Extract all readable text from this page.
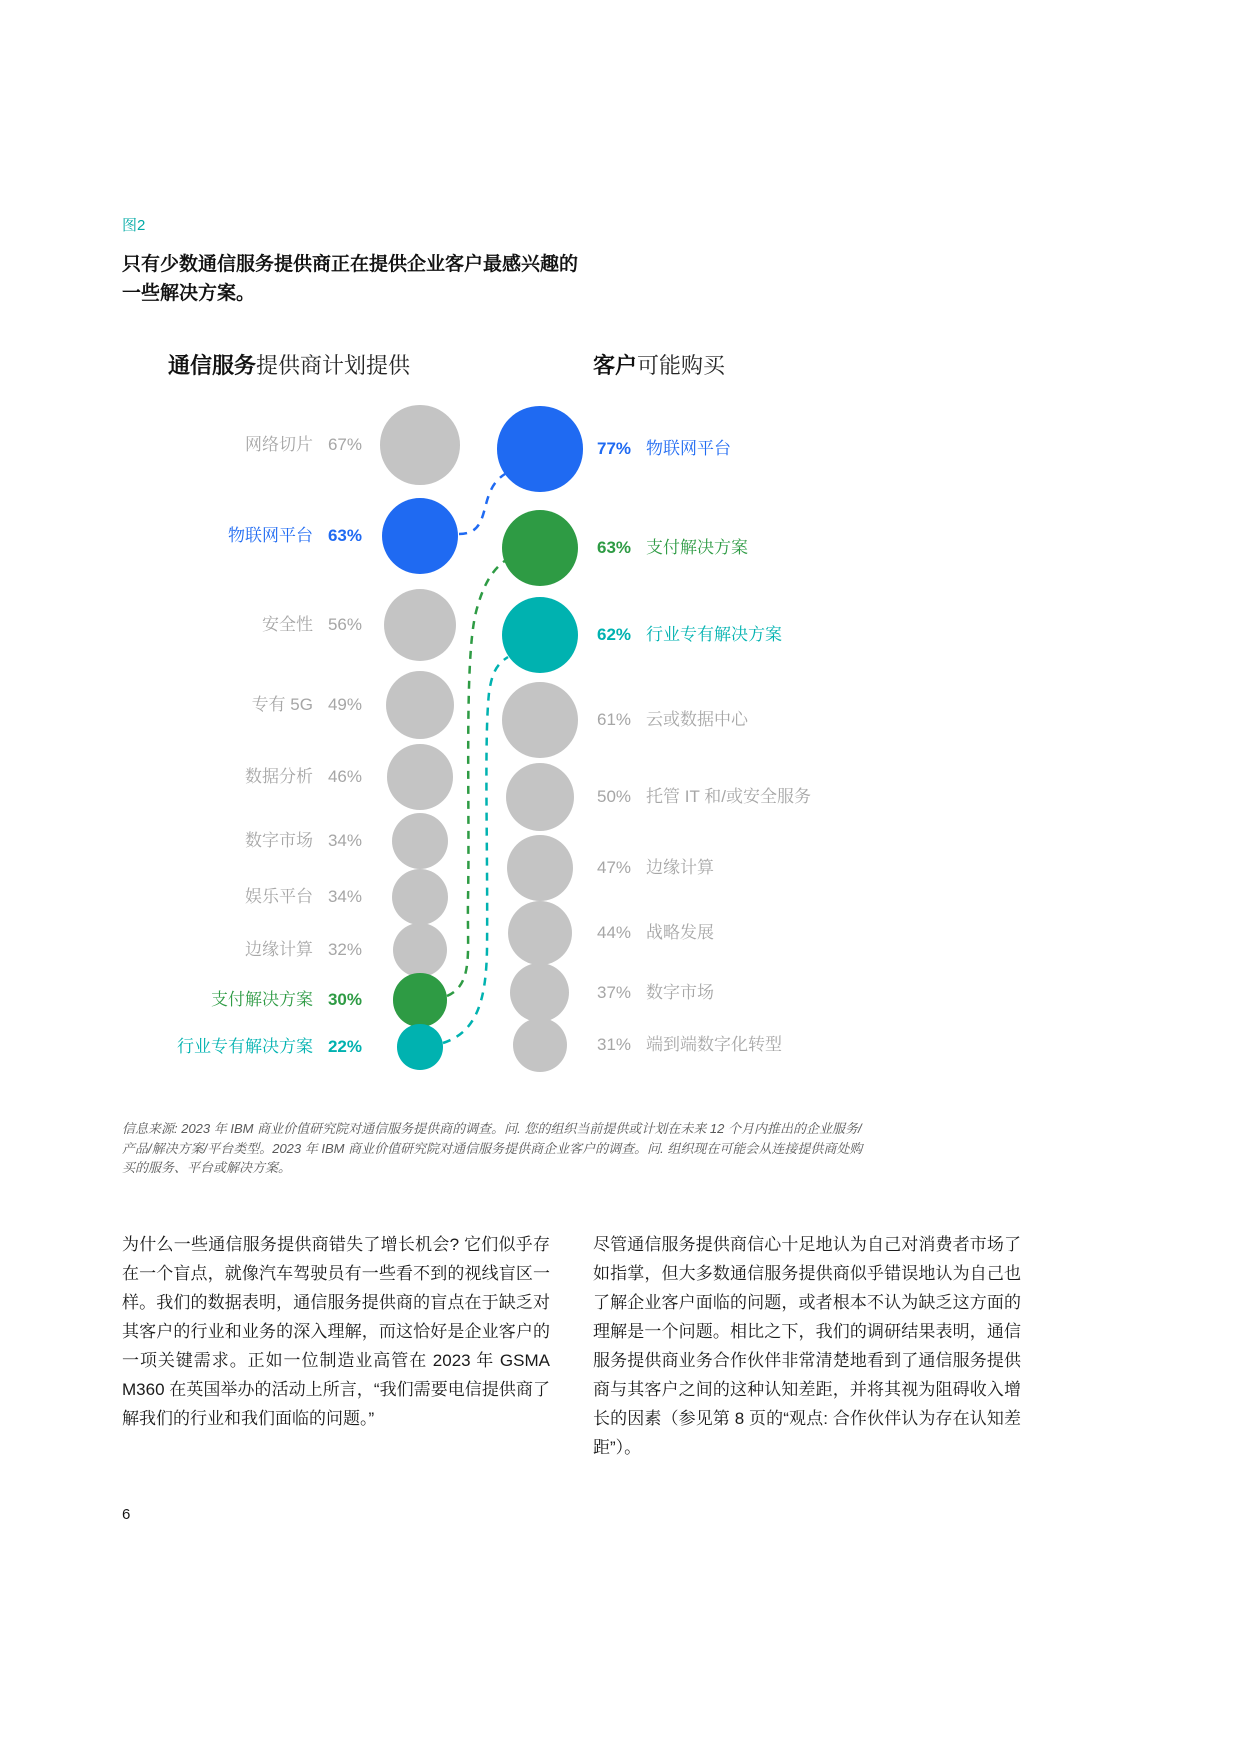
图2
只有少数通信服务提供商正在提供企业客户最感兴趣的
一些解决方案。
通信服务提供商计划提供	客户可能购买
网络切片 67%
物联网平台 63%
安全性 56%
专有 5G 49%
数据分析 46%
数字市场 34%
娱乐平台 34%
边缘计算 32%
支付解决方案 30%
行业专有解决方案 22%
77% 物联网平台
63% 支付解决方案
62% 行业专有解决方案
61% 云或数据中心
50% 托管 IT 和/或安全服务
47% 边缘计算
44% 战略发展
37% 数字市场
31% 端到端数字化转型
信息来源: 2023 年 IBM 商业价值研究院对通信服务提供商的调查。问. 您的组织当前提供或计划在未来 12 个月内推出的企业服务/产品/解决方案/平台类型。2023 年 IBM 商业价值研究院对通信服务提供商企业客户的调查。问. 组织现在可能会从连接提供商处购买的服务、平台或解决方案。
为什么一些通信服务提供商错失了增长机会? 它们似乎存在一个盲点，就像汽车驾驶员有一些看不到的视线盲区一样。我们的数据表明，通信服务提供商的盲点在于缺乏对其客户的行业和业务的深入理解，而这恰好是企业客户的一项关键需求。正如一位制造业高管在 2023 年 GSMA M360 在英国举办的活动上所言，“我们需要电信提供商了解我们的行业和我们面临的问题。”
尽管通信服务提供商信心十足地认为自己对消费者市场了如指掌，但大多数通信服务提供商似乎错误地认为自己也了解企业客户面临的问题，或者根本不认为缺乏这方面的理解是一个问题。相比之下，我们的调研结果表明，通信服务提供商业务合作伙伴非常清楚地看到了通信服务提供商与其客户之间的这种认知差距，并将其视为阻碍收入增长的因素（参见第 8 页的“观点: 合作伙伴认为存在认知差距”）。
6
